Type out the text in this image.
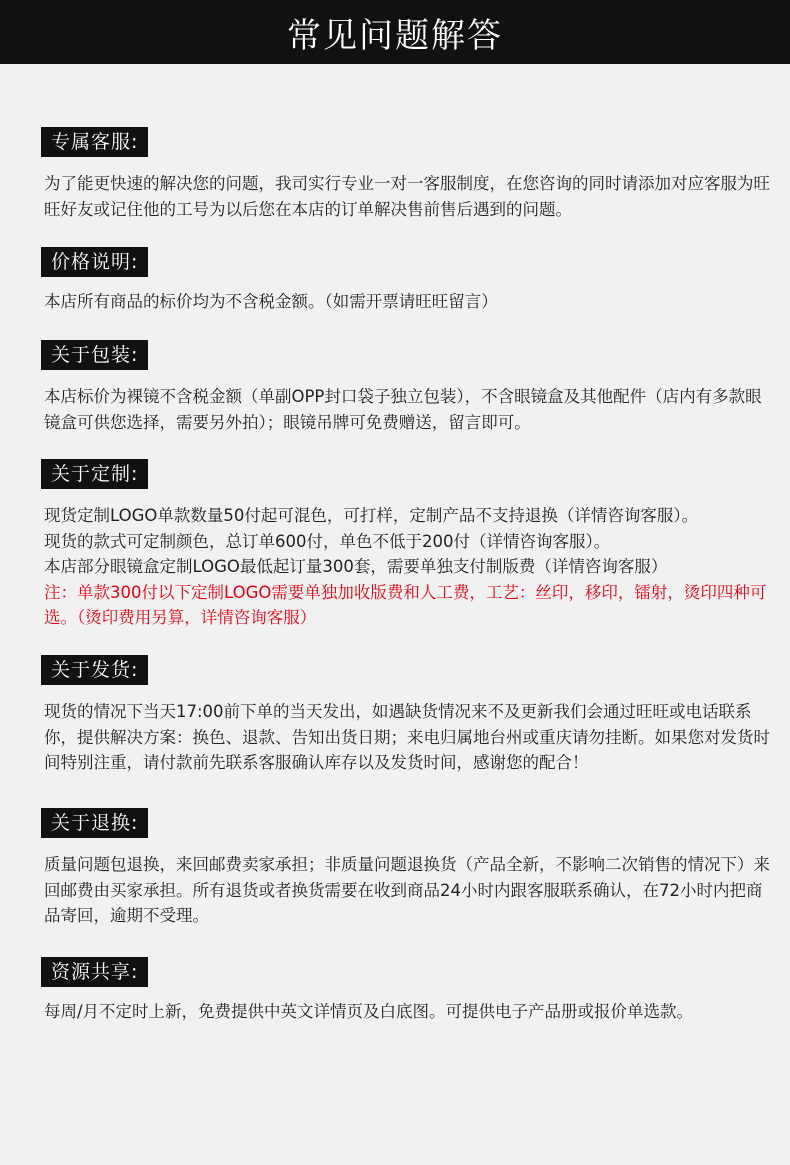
常见问题解答
专属客服:

为了能更快速的解决您的问题，我司实行专业一对一客服制度，在您咨询的同时请添加对应客服为旺旺好友或记住他的工号为以后您在本店的订单解决售前售后遇到的问题。

价格说明:

本店所有商品的标价均为不含税金额。（如需开票请旺旺留言）

关于包装:

本店标价为裸镜不含税金额（单副OPP封口袋子独立包装），不含眼镜盒及其他配件（店内有多款眼镜盒可供您选择，需要另外拍）；眼镜吊牌可免费赠送，留言即可。

关于定制:

现货定制LOGO单款数量50付起可混色，可打样，定制产品不支持退换（详情咨询客服）。

现货的款式可定制颜色，总订单600付，单色不低于200付（详情咨询客服）。

本店部分眼镜盒定制LOGO最低起订量300套，需要单独支付制版费（详情咨询客服）

注：单款300付以下定制LOGO需要单独加收版费和人工费，工艺：丝印，移印，镭射，烫印四种可选。（烫印费用另算，详情咨询客服）

关于发货:

现货的情况下当天17:00前下单的当天发出，如遇缺货情况来不及更新我们会通过旺旺或电话联系你，提供解决方案：换色、退款、告知出货日期；来电归属地台州或重庆请勿挂断。如果您对发货时间特别注重，请付款前先联系客服确认库存以及发货时间，感谢您的配合！

关于退换:

质量问题包退换，来回邮费卖家承担；非质量问题退换货（产品全新，不影响二次销售的情况下）来回邮费由买家承担。所有退货或者换货需要在收到商品24小时内跟客服联系确认，在72小时内把商品寄回，逾期不受理。

资源共享:

每周/月不定时上新，免费提供中英文详情页及白底图。可提供电子产品册或报价单选款。
